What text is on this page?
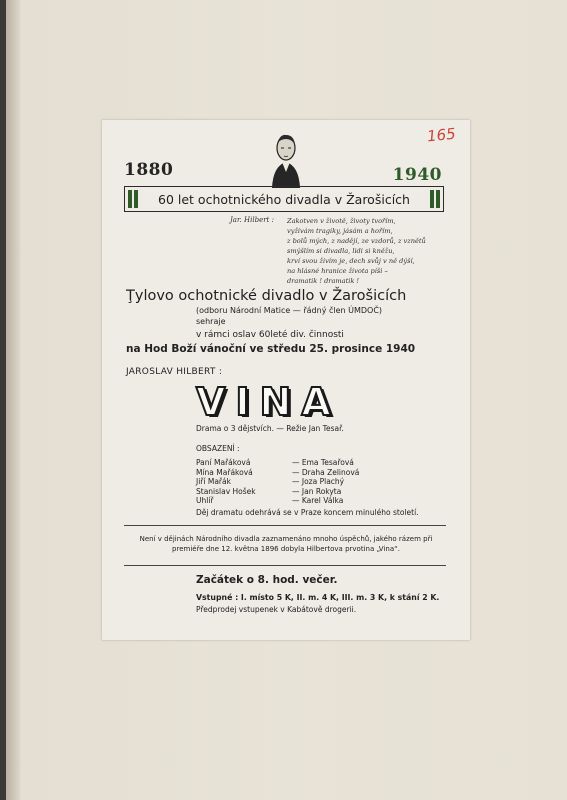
165
1880	1940
60 let ochotnického divadla v Žarošicích
Jar. Hilbert : Zakotven v životě, životy tvořím,
vyživám tragiky, jásám a hořím,
z bolů mých, z nadějí, ze vzdorů, z vznětů
smýšlím si divadla, lidi si kněžu,
krví svou živím je, dech svůj v ně dýší,
na hlásné hranice života píši –
dramatik ! dramatik !
Ţylovo ochotnické divadlo v Žarošicích
(odboru Národní Matice — řádný člen ÚMDOČ)
sehraje
v rámci oslav 60leté div. činnosti
na Hod Boží vánoční ve středu 25. prosince 1940
JAROSLAV HILBERT :
VINA
Drama o 3 dějstvích. — Režie Jan Tesař.
OBSAZENÍ :
Paní Mařáková	— Ema Tesařová
Mína Mařáková	— Draha Zelinová
Jiří Mařák	— Joza Plachý
Stanislav Hošek	— Jan Rokyta
Uhlíř	— Karel Válka
Děj dramatu odehrává se v Praze koncem minulého století.
Není v dějinách Národního divadla zaznamenáno mnoho úspěchů, jakého rázem při premiéře dne 12. května 1896 dobyla Hilbertova prvotina „Vina“.
Začátek o 8. hod. večer.
Vstupné : I. místo 5 K, II. m. 4 K, III. m. 3 K, k stání 2 K.
Předprodej vstupenek v Kabátově drogerii.
